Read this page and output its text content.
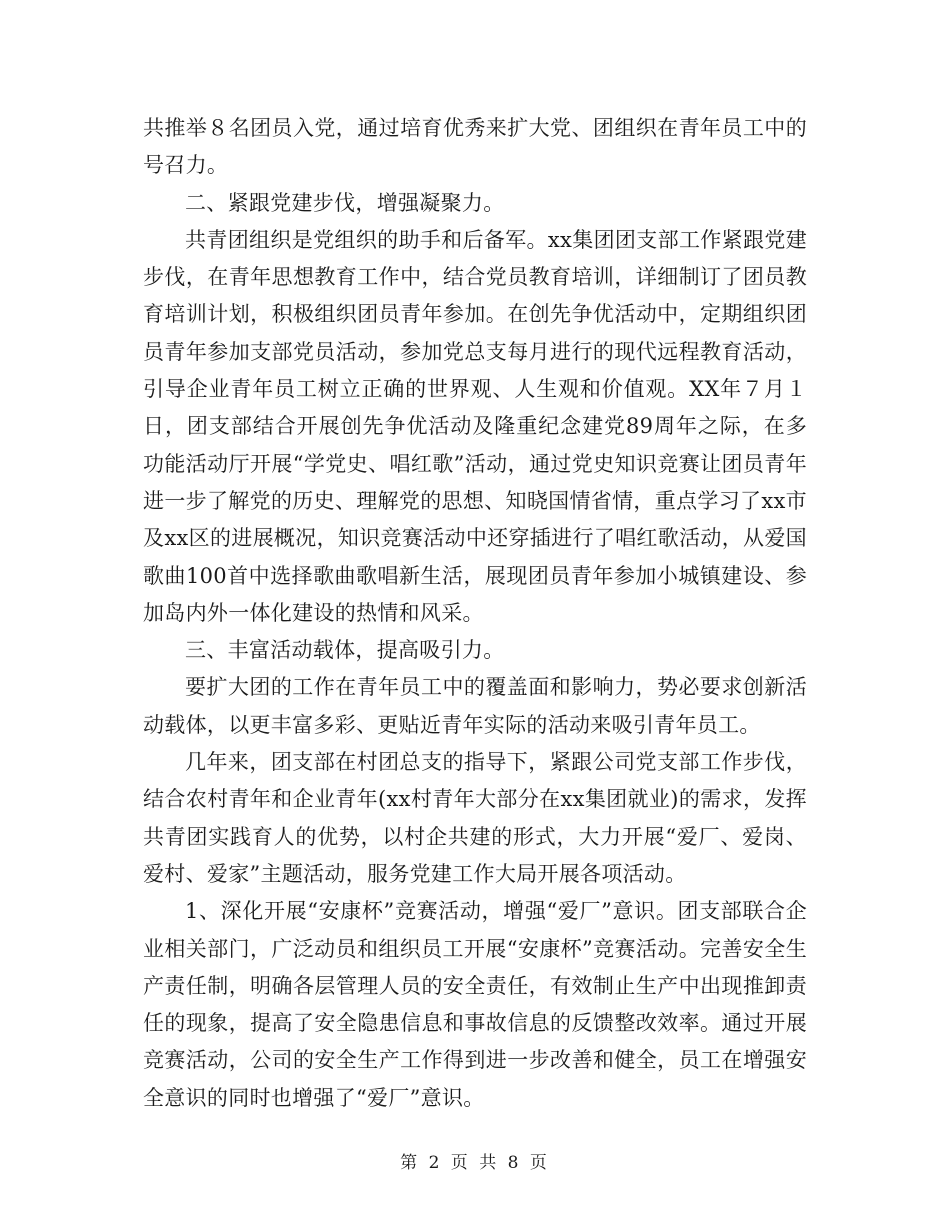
共推举８名团员入党，通过培育优秀来扩大党、团组织在青年员工中的号召力。

二、紧跟党建步伐，增强凝聚力。

共青团组织是党组织的助手和后备军。xx集团团支部工作紧跟党建步伐，在青年思想教育工作中，结合党员教育培训，详细制订了团员教育培训计划，积极组织团员青年参加。在创先争优活动中，定期组织团员青年参加支部党员活动，参加党总支每月进行的现代远程教育活动，引导企业青年员工树立正确的世界观、人生观和价值观。XX年７月１日，团支部结合开展创先争优活动及隆重纪念建党89周年之际，在多功能活动厅开展“学党史、唱红歌”活动，通过党史知识竞赛让团员青年进一步了解党的历史、理解党的思想、知晓国情省情，重点学习了xx市及xx区的进展概况，知识竞赛活动中还穿插进行了唱红歌活动，从爱国歌曲100首中选择歌曲歌唱新生活，展现团员青年参加小城镇建设、参加岛内外一体化建设的热情和风采。

三、丰富活动载体，提高吸引力。

要扩大团的工作在青年员工中的覆盖面和影响力，势必要求创新活动载体，以更丰富多彩、更贴近青年实际的活动来吸引青年员工。

几年来，团支部在村团总支的指导下，紧跟公司党支部工作步伐，结合农村青年和企业青年(xx村青年大部分在xx集团就业)的需求，发挥共青团实践育人的优势，以村企共建的形式，大力开展“爱厂、爱岗、爱村、爱家”主题活动，服务党建工作大局开展各项活动。

1、深化开展“安康杯”竞赛活动，增强“爱厂”意识。团支部联合企业相关部门，广泛动员和组织员工开展“安康杯”竞赛活动。完善安全生产责任制，明确各层管理人员的安全责任，有效制止生产中出现推卸责任的现象，提高了安全隐患信息和事故信息的反馈整改效率。通过开展竞赛活动，公司的安全生产工作得到进一步改善和健全，员工在增强安全意识的同时也增强了“爱厂”意识。

第 2 页 共 8 页
